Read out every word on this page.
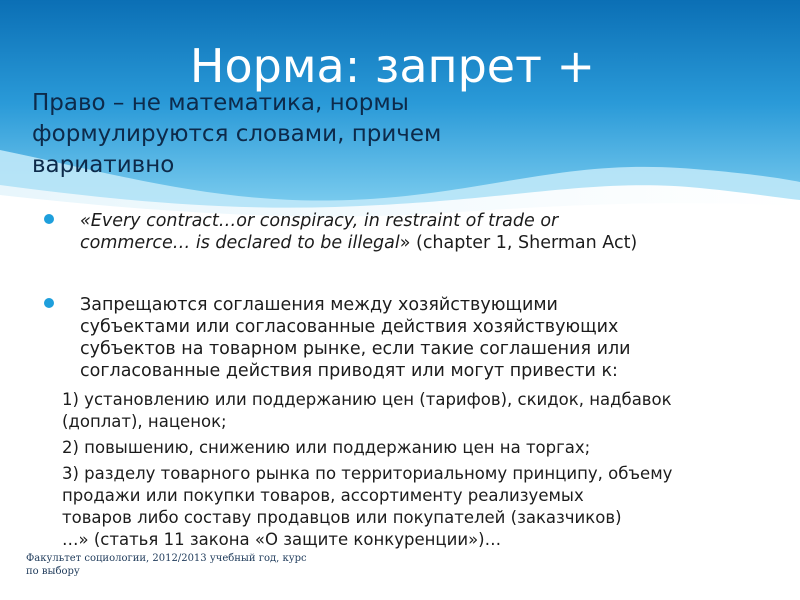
Норма: запрет +
Право – не математика, нормы
формулируются словами, причем
вариативно
«Every contract…or conspiracy, in restraint of trade or
commerce… is declared to be illegal» (chapter 1, Sherman Act)
Запрещаются соглашения между хозяйствующими
субъектами или согласованные действия хозяйствующих
субъектов на товарном рынке, если такие соглашения или
согласованные действия приводят или могут привести к:
1) установлению или поддержанию цен (тарифов), скидок, надбавок
(доплат), наценок;
2) повышению, снижению или поддержанию цен на торгах;
3) разделу товарного рынка по территориальному принципу, объему
продажи или покупки товаров, ассортименту реализуемых
товаров либо составу продавцов или покупателей (заказчиков)
…» (статья 11 закона «О защите конкуренции»)…
Факультет социологии, 2012/2013 учебный год, курс
по выбору
